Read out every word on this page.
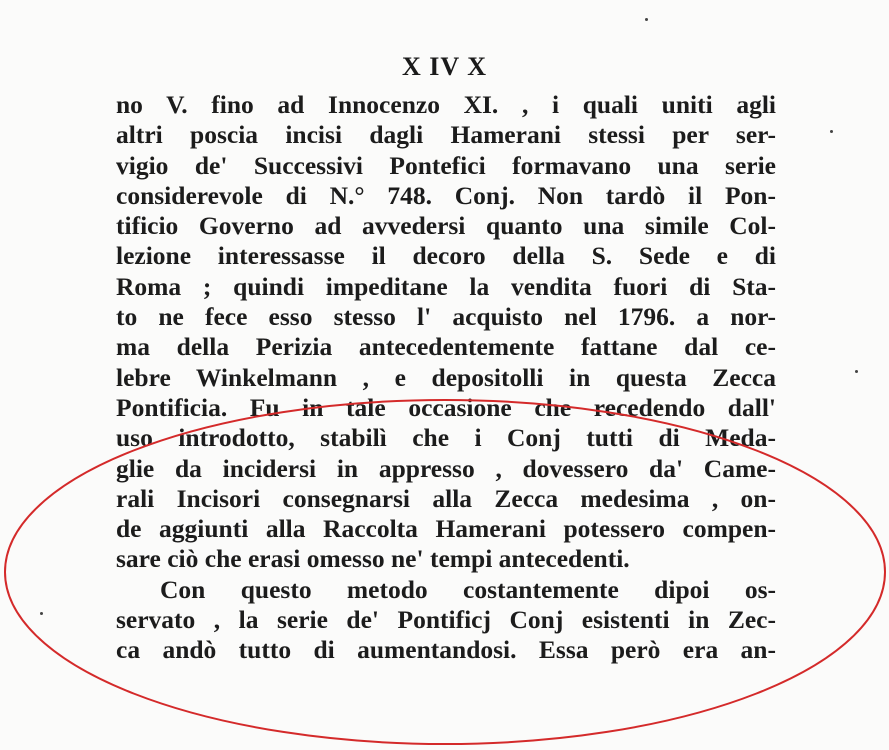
X IV X
no V. fino ad Innocenzo XI. , i quali uniti agli
altri poscia incisi dagli Hamerani stessi per ser-
vigio de' Successivi Pontefici formavano una serie
considerevole di N.° 748. Conj. Non tardò il Pon-
tificio Governo ad avvedersi quanto una simile Col-
lezione interessasse il decoro della S. Sede e di
Roma ; quindi impeditane la vendita fuori di Sta-
to ne fece esso stesso l' acquisto nel 1796. a nor-
ma della Perizia antecedentemente fattane dal ce-
lebre Winkelmann , e depositolli in questa Zecca
Pontificia. Fu in tale occasione che recedendo dall'
uso introdotto, stabilì che i Conj tutti di Meda-
glie da incidersi in appresso , dovessero da' Came-
rali Incisori consegnarsi alla Zecca medesima , on-
de aggiunti alla Raccolta Hamerani potessero compen-
sare ciò che erasi omesso ne' tempi antecedenti.
Con questo metodo costantemente dipoi os-
servato , la serie de' Pontificj Conj esistenti in Zec-
ca andò tutto di aumentandosi. Essa però era an-
